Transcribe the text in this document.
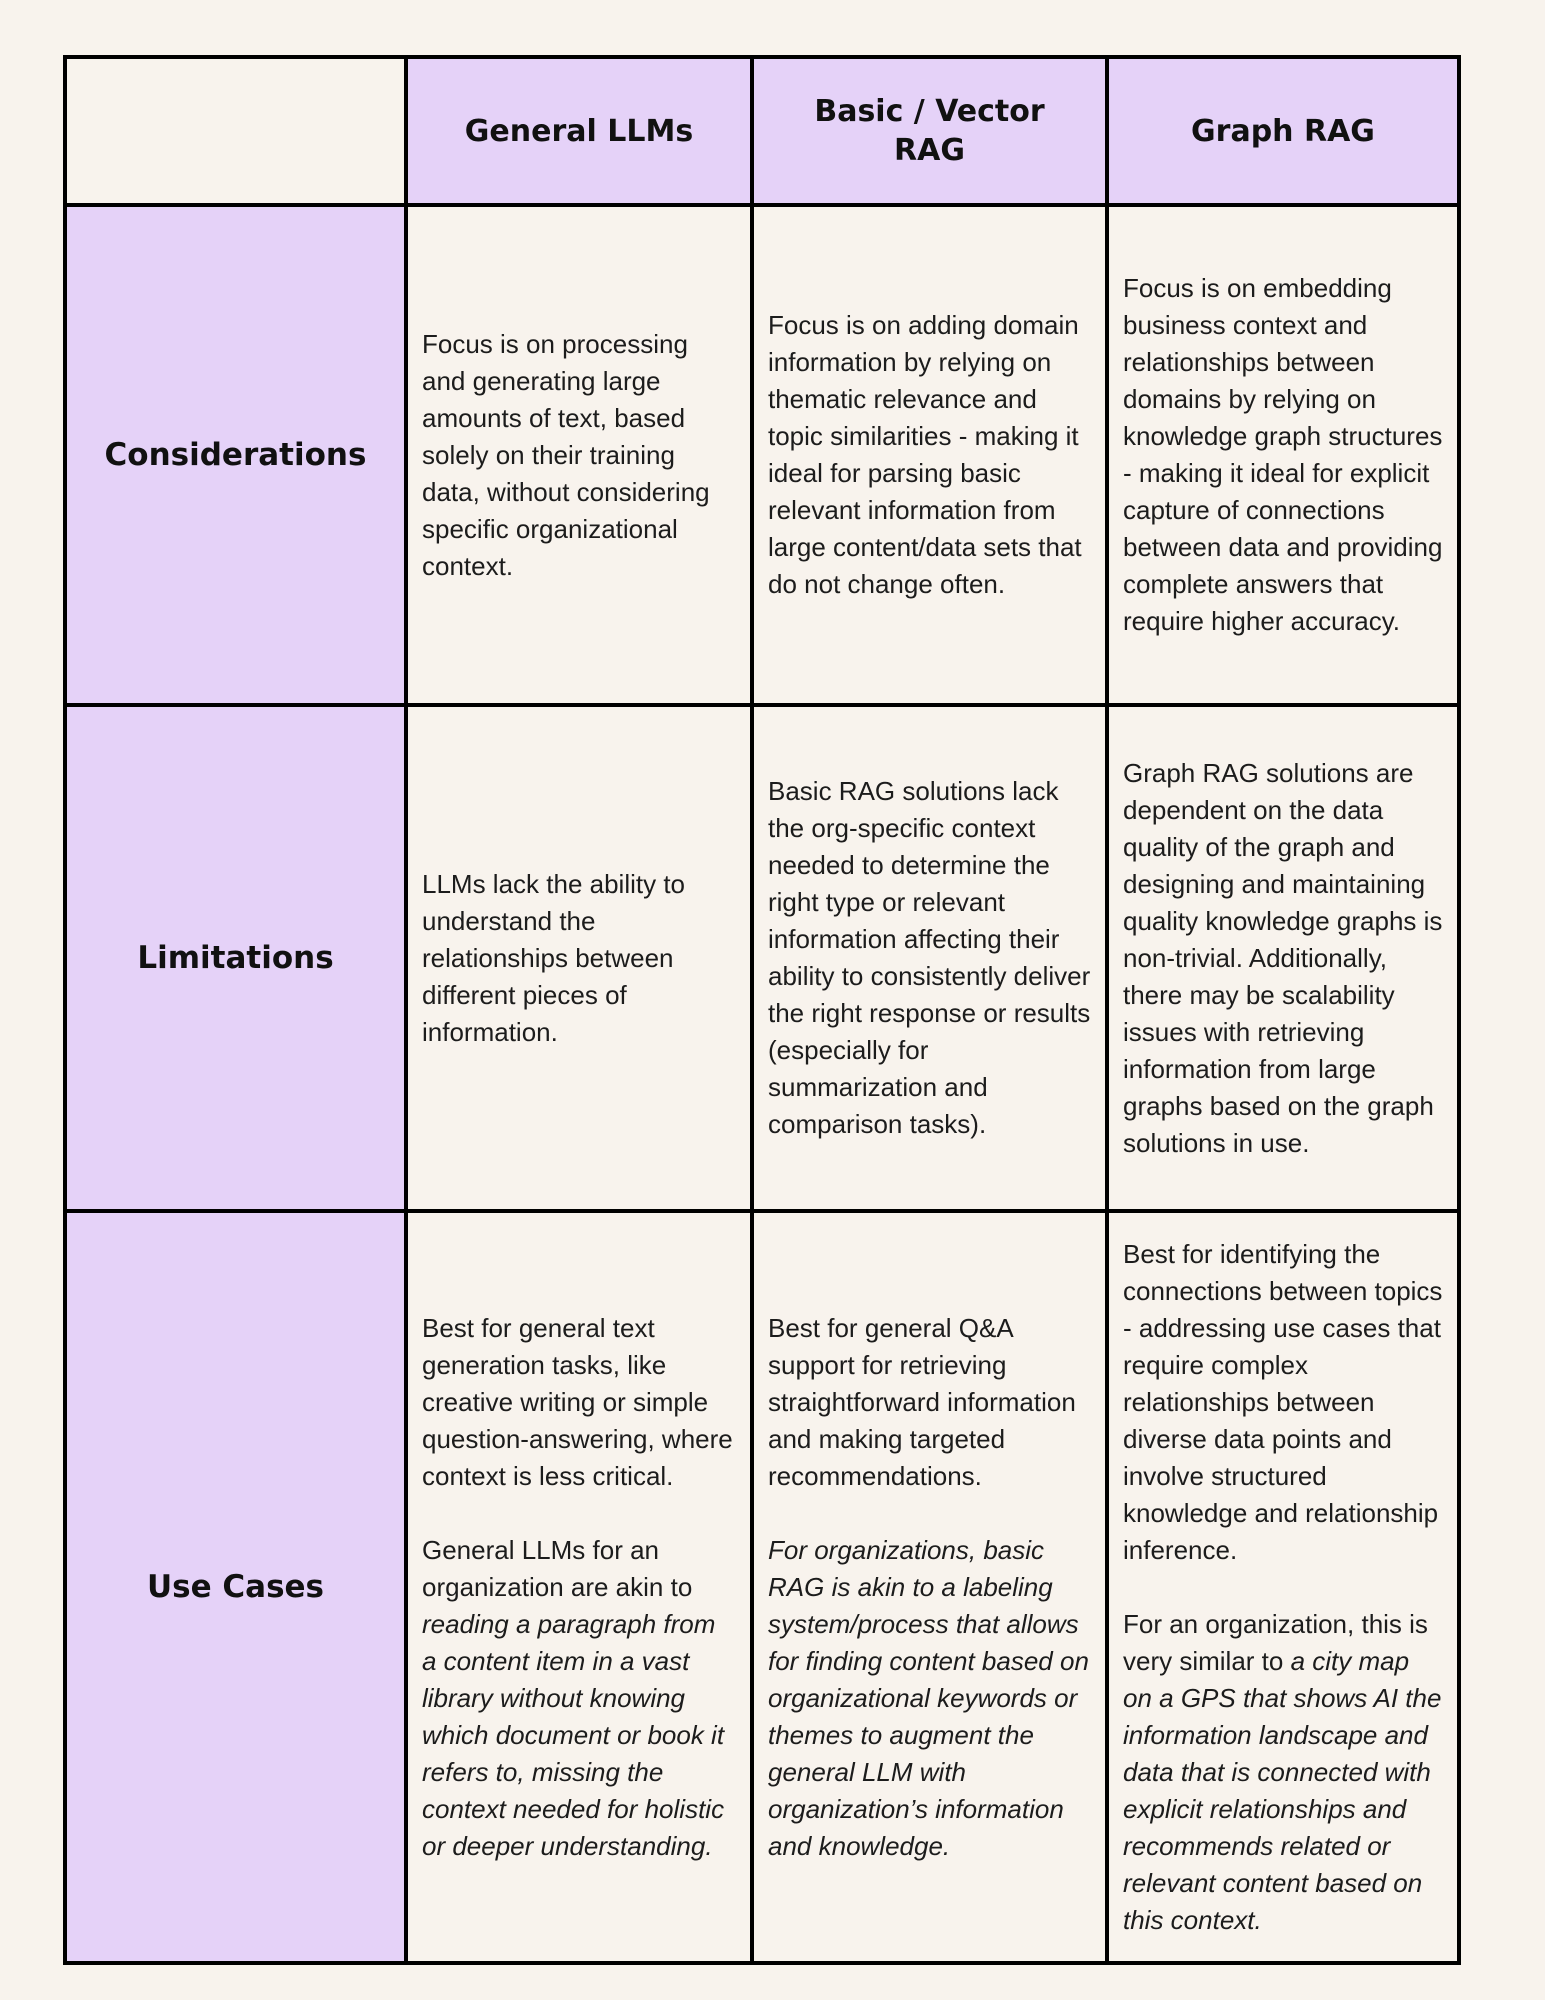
General LLMs
Basic / Vector RAG
Graph RAG
Considerations

Focus is on processing and generating large amounts of text, based solely on their training data, without considering specific organizational context.

Focus is on adding domain information by relying on thematic relevance and topic similarities - making it ideal for parsing basic relevant information from large content/data sets that do not change often.

Focus is on embedding business context and relationships between domains by relying on knowledge graph structures - making it ideal for explicit capture of connections between data and providing complete answers that require higher accuracy.

Limitations

LLMs lack the ability to understand the relationships between different pieces of information.

Basic RAG solutions lack the org-specific context needed to determine the right type or relevant information affecting their ability to consistently deliver the right response or results (especially for summarization and comparison tasks).

Graph RAG solutions are dependent on the data quality of the graph and designing and maintaining quality knowledge graphs is non-trivial. Additionally, there may be scalability issues with retrieving information from large graphs based on the graph solutions in use.

Use Cases

Best for general text generation tasks, like creative writing or simple question-answering, where context is less critical.

General LLMs for an organization are akin to reading a paragraph from a content item in a vast library without knowing which document or book it refers to, missing the context needed for holistic or deeper understanding.

Best for general Q&A support for retrieving straightforward information and making targeted recommendations.

For organizations, basic RAG is akin to a labeling system/process that allows for finding content based on organizational keywords or themes to augment the general LLM with organization’s information and knowledge.

Best for identifying the connections between topics - addressing use cases that require complex relationships between diverse data points and involve structured knowledge and relationship inference.

For an organization, this is very similar to a city map on a GPS that shows AI the information landscape and data that is connected with explicit relationships and recommends related or relevant content based on this context.
